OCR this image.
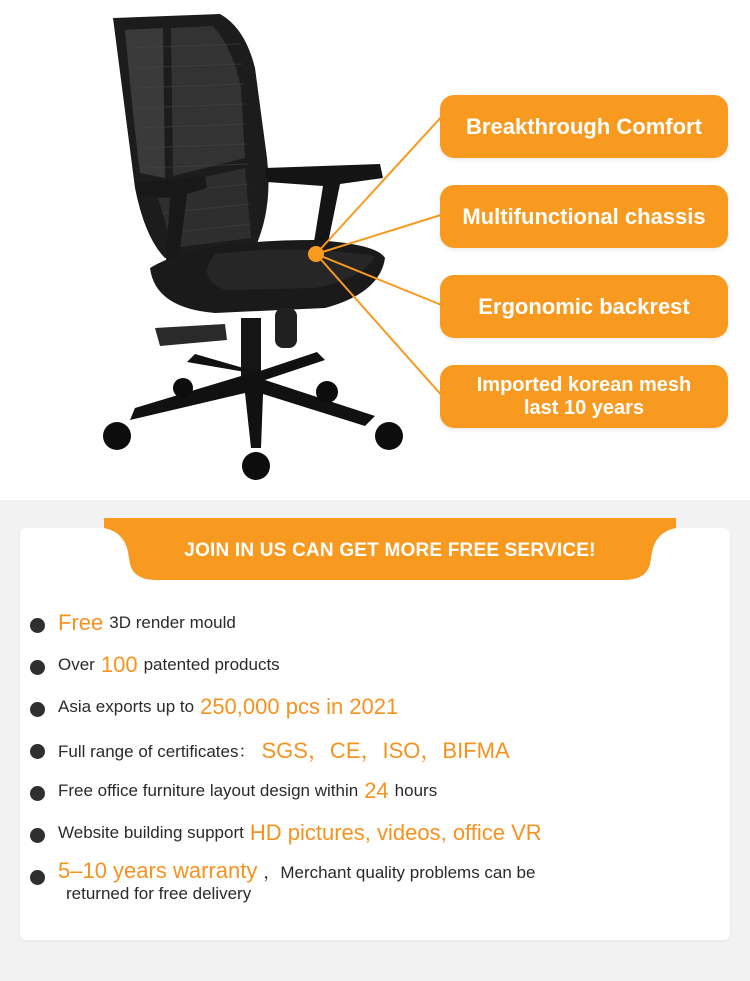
Breakthrough Comfort
Multifunctional chassis
Ergonomic backrest
Imported korean mesh last 10 years
JOIN IN US CAN GET MORE FREE SERVICE!
Free 3D render mould
Over 100 patented products
Asia exports up to 250,000 pcs in 2021
Full range of certificates： SGS，CE，ISO，BIFMA
Free office furniture layout design within 24 hours
Website building support HD pictures, videos, office VR
5–10 years warranty ，Merchant quality problems can be
returned for free delivery
